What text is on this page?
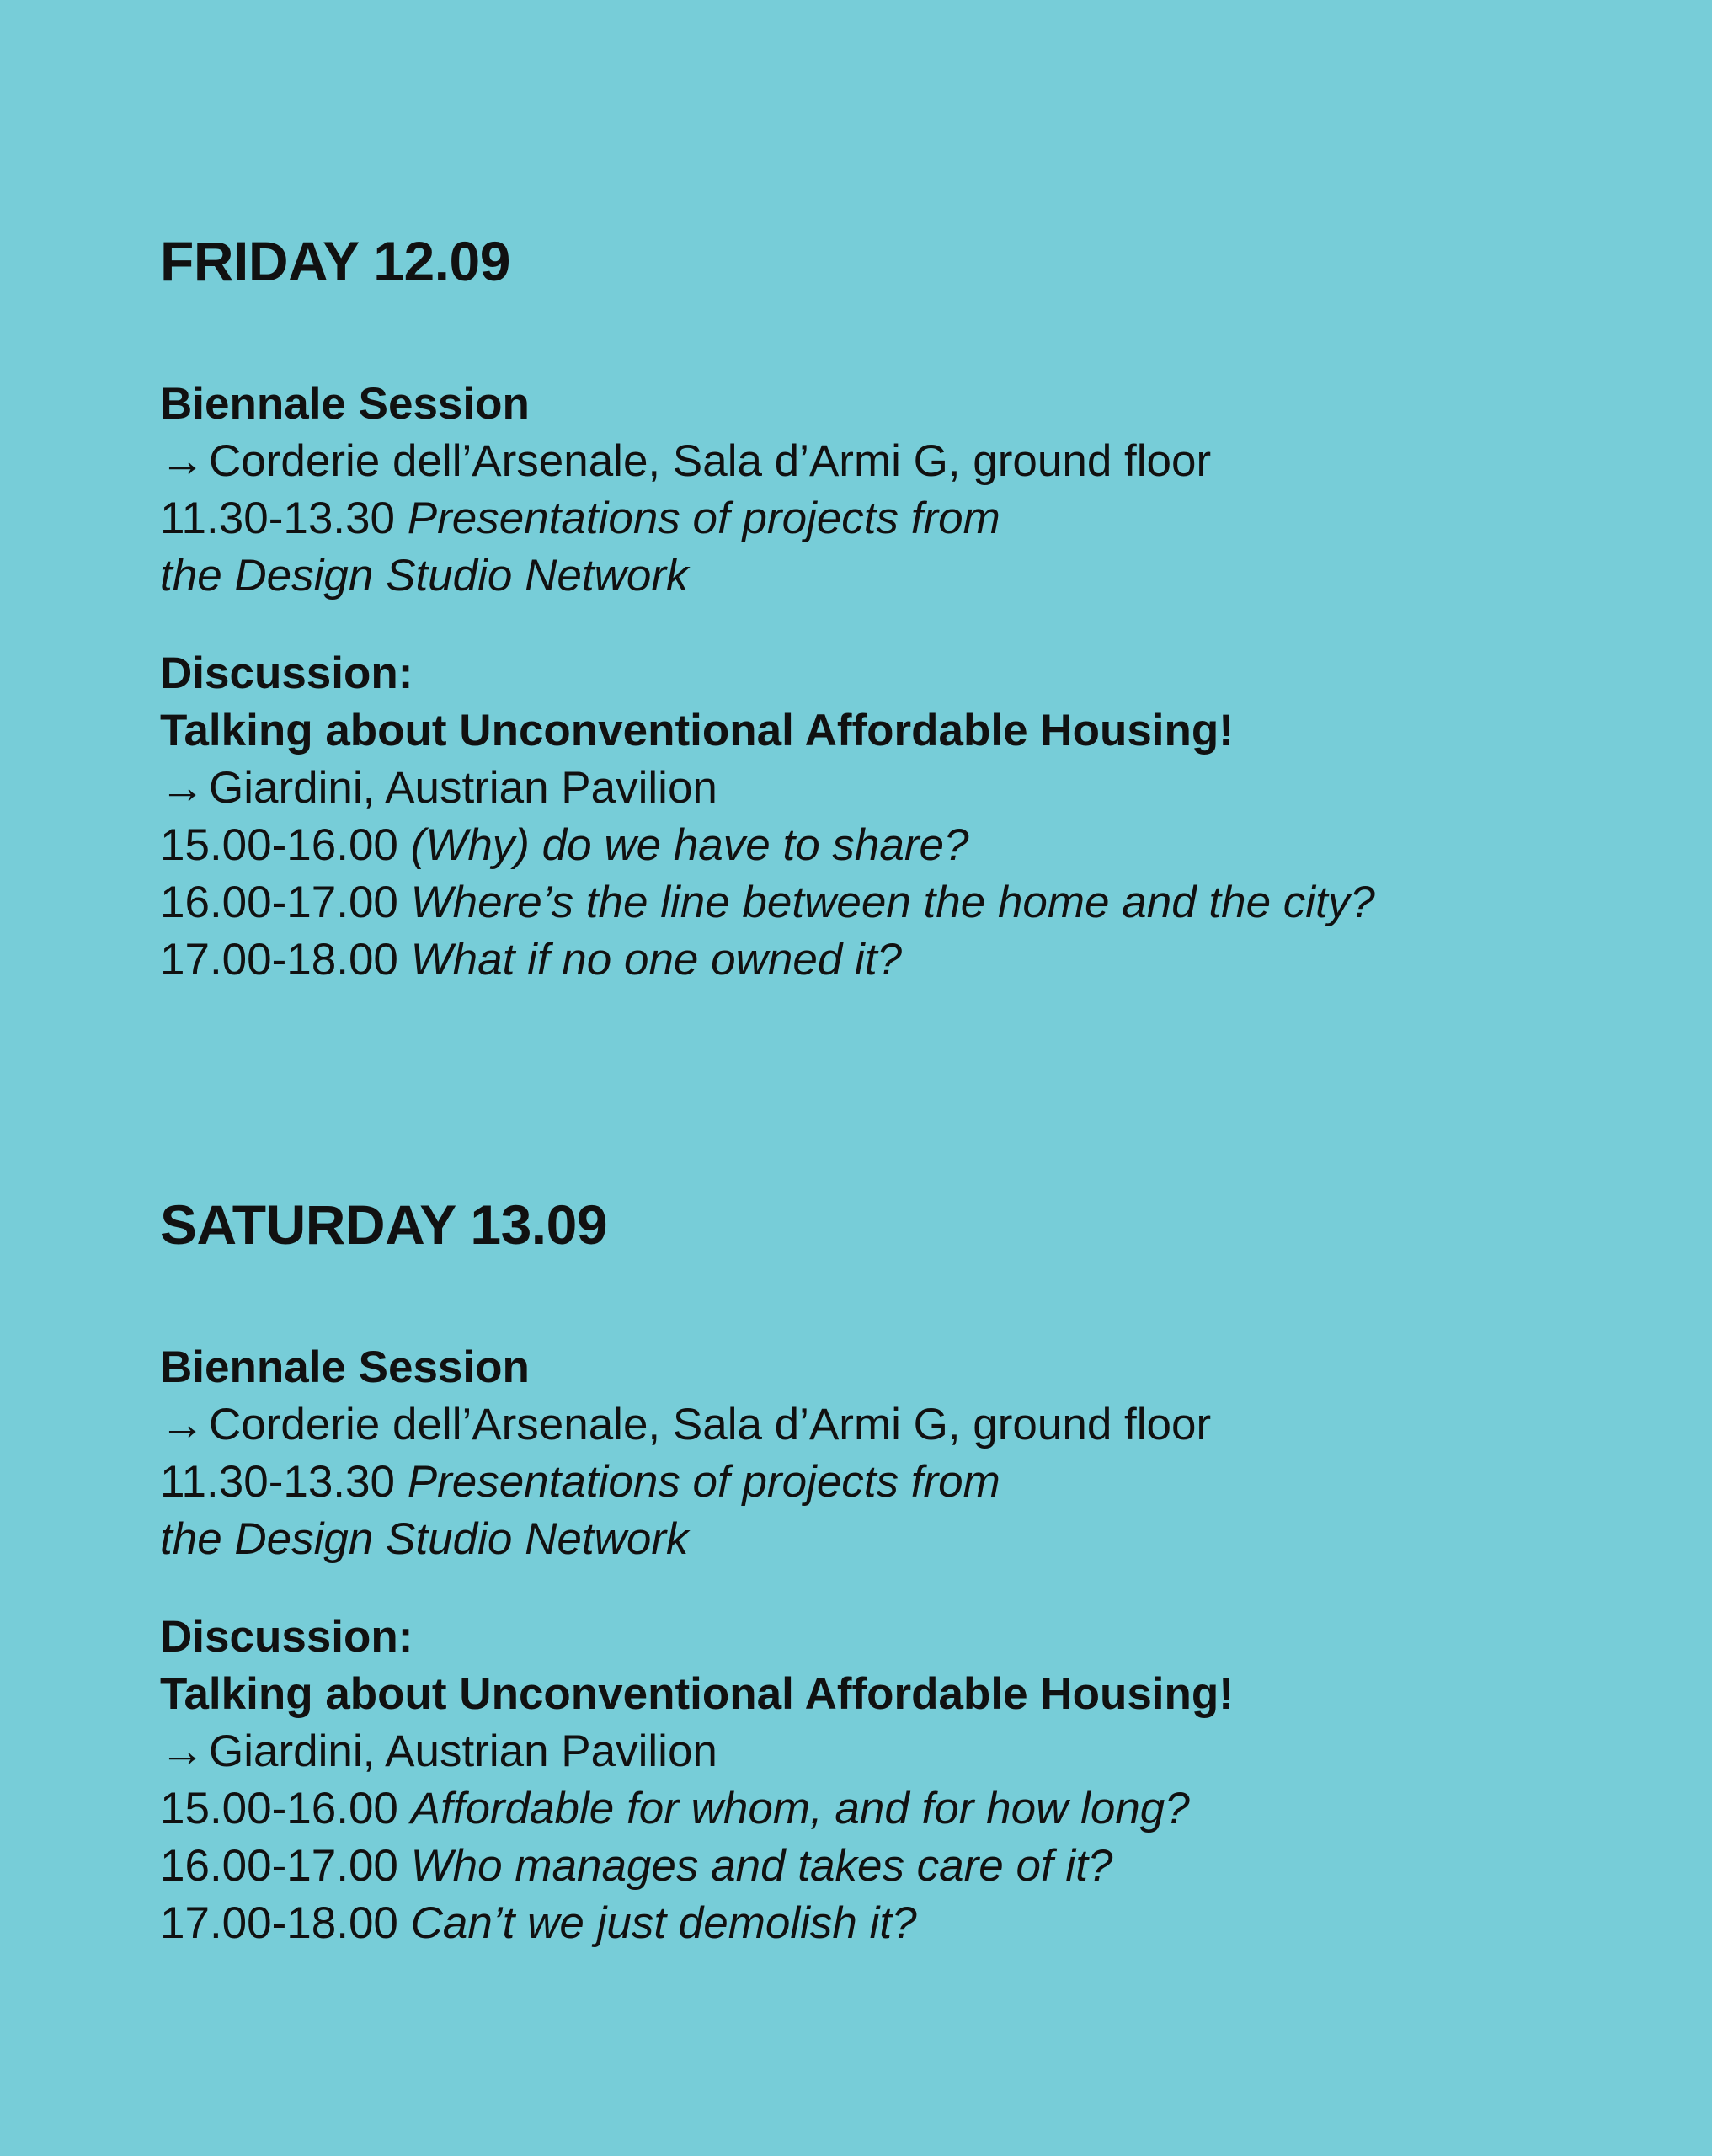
FRIDAY 12.09
Biennale Session
→Corderie dell’Arsenale, Sala d’Armi G, ground floor
11.30-13.30 Presentations of projects from
the Design Studio Network
Discussion:
Talking about Unconventional Affordable Housing!
→Giardini, Austrian Pavilion
15.00-16.00 (Why) do we have to share?
16.00-17.00 Where’s the line between the home and the city?
17.00-18.00 What if no one owned it?
SATURDAY 13.09
Biennale Session
→Corderie dell’Arsenale, Sala d’Armi G, ground floor
11.30-13.30 Presentations of projects from
the Design Studio Network
Discussion:
Talking about Unconventional Affordable Housing!
→Giardini, Austrian Pavilion
15.00-16.00 Affordable for whom, and for how long?
16.00-17.00 Who manages and takes care of it?
17.00-18.00 Can’t we just demolish it?
